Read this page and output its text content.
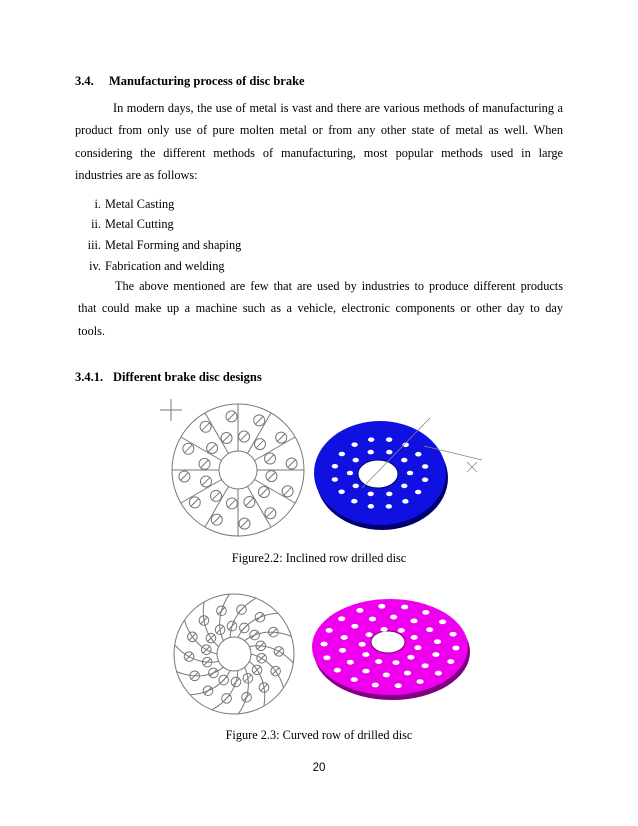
3.4. Manufacturing process of disc brake
In modern days, the use of metal is vast and there are various methods of manufacturing a
product from only use of pure molten metal or from any other state of metal as well. When
considering the different methods of manufacturing, most popular methods used in large
industries are as follows:
i. Metal Casting
ii. Metal Cutting
iii. Metal Forming and shaping
iv. Fabrication and welding
The above mentioned are few that are used by industries to produce different products
that could make up a machine such as a vehicle, electronic components or other day to day
tools.
3.4.1. Different brake disc designs
Figure2.2: Inclined row drilled disc
Figure 2.3: Curved row of drilled disc
20
